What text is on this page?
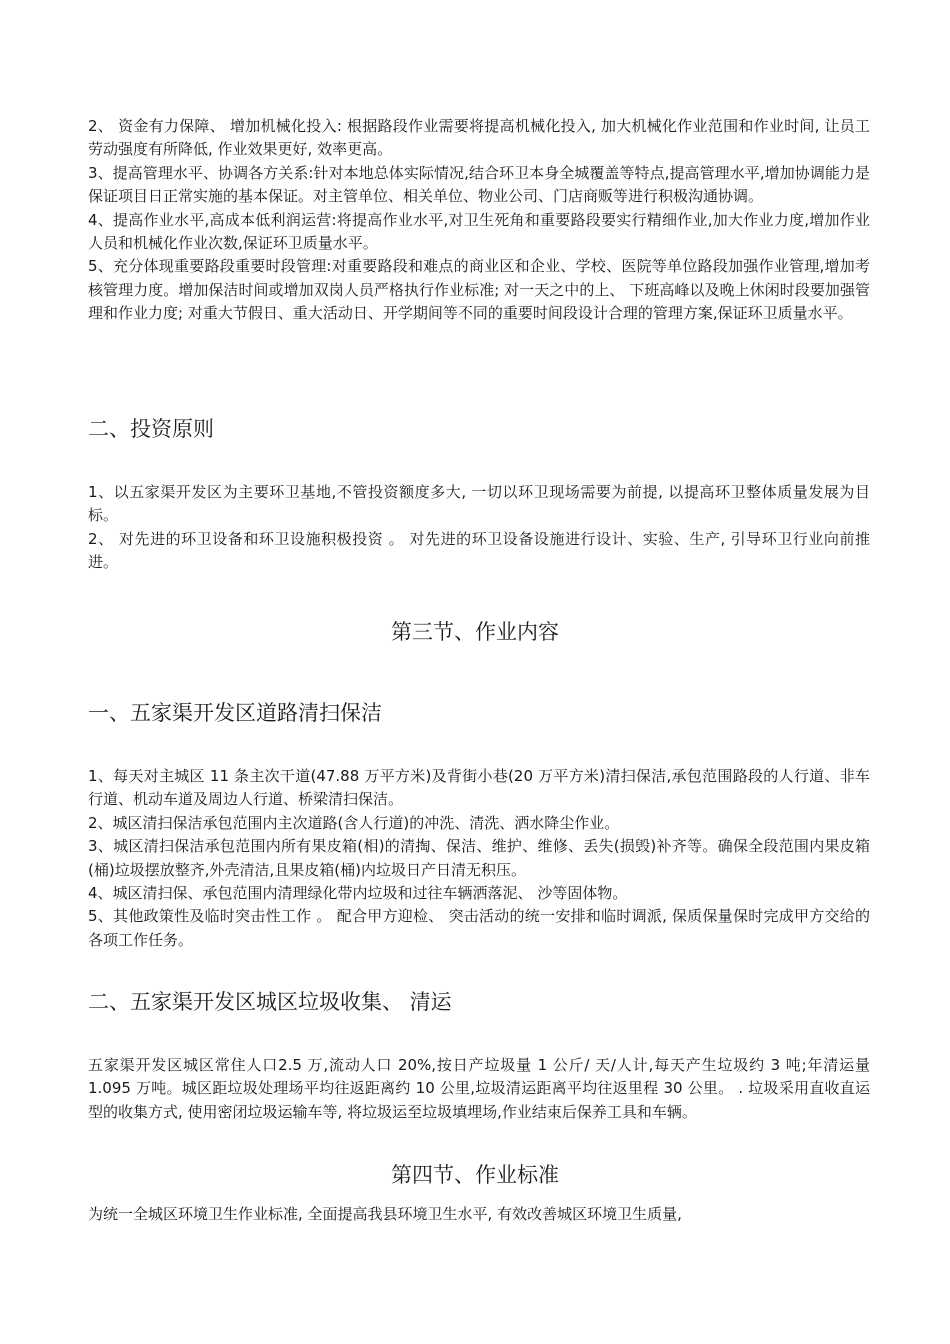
2、 资金有力保障、 增加机械化投入: 根据路段作业需要将提高机械化投入, 加大机械化作业范围和作业时间, 让员工劳动强度有所降低, 作业效果更好, 效率更高。

3、提高管理水平、协调各方关系:针对本地总体实际情况,结合环卫本身全城覆盖等特点,提高管理水平,增加协调能力是保证项目日正常实施的基本保证。对主管单位、相关单位、物业公司、门店商贩等进行积极沟通协调。

4、提高作业水平,高成本低利润运营:将提高作业水平,对卫生死角和重要路段要实行精细作业,加大作业力度,增加作业人员和机械化作业次数,保证环卫质量水平。

5、充分体现重要路段重要时段管理:对重要路段和难点的商业区和企业、学校、医院等单位路段加强作业管理,增加考核管理力度。增加保洁时间或增加双岗人员严格执行作业标准; 对一天之中的上、 下班高峰以及晚上休闲时段要加强管理和作业力度; 对重大节假日、重大活动日、开学期间等不同的重要时间段设计合理的管理方案,保证环卫质量水平。

二、投资原则

1、以五家渠开发区为主要环卫基地,不管投资额度多大, 一切以环卫现场需要为前提, 以提高环卫整体质量发展为目标。

2、 对先进的环卫设备和环卫设施积极投资 。 对先进的环卫设备设施进行设计、实验、生产, 引导环卫行业向前推进。

第三节、作业内容
一、五家渠开发区道路清扫保洁

1、每天对主城区 11 条主次干道(47.88 万平方米)及背街小巷(20 万平方米)清扫保洁,承包范围路段的人行道、非车行道、机动车道及周边人行道、桥梁清扫保洁。

2、城区清扫保洁承包范围内主次道路(含人行道)的冲洗、清洗、洒水降尘作业。

3、城区清扫保洁承包范围内所有果皮箱(相)的清掏、保洁、维护、维修、丢失(损毁)补齐等。确保全段范围内果皮箱(桶)垃圾摆放整齐,外壳清洁,且果皮箱(桶)内垃圾日产日清无积压。

4、城区清扫保、承包范围内清理绿化带内垃圾和过往车辆洒落泥、 沙等固体物。

5、其他政策性及临时突击性工作 。 配合甲方迎检、 突击活动的统一安排和临时调派, 保质保量保时完成甲方交给的各项工作任务。

二、五家渠开发区城区垃圾收集、 清运

五家渠开发区城区常住人口2.5 万,流动人口 20%,按日产垃圾量 1 公斤/ 天/人计,每天产生垃圾约 3 吨;年清运量 1.095 万吨。城区距垃圾处理场平均往返距离约 10 公里,垃圾清运距离平均往返里程 30 公里。 . 垃圾采用直收直运型的收集方式, 使用密闭垃圾运输车等, 将垃圾运至垃圾填埋场,作业结束后保养工具和车辆。

第四节、作业标准

为统一全城区环境卫生作业标准, 全面提高我县环境卫生水平, 有效改善城区环境卫生质量,
